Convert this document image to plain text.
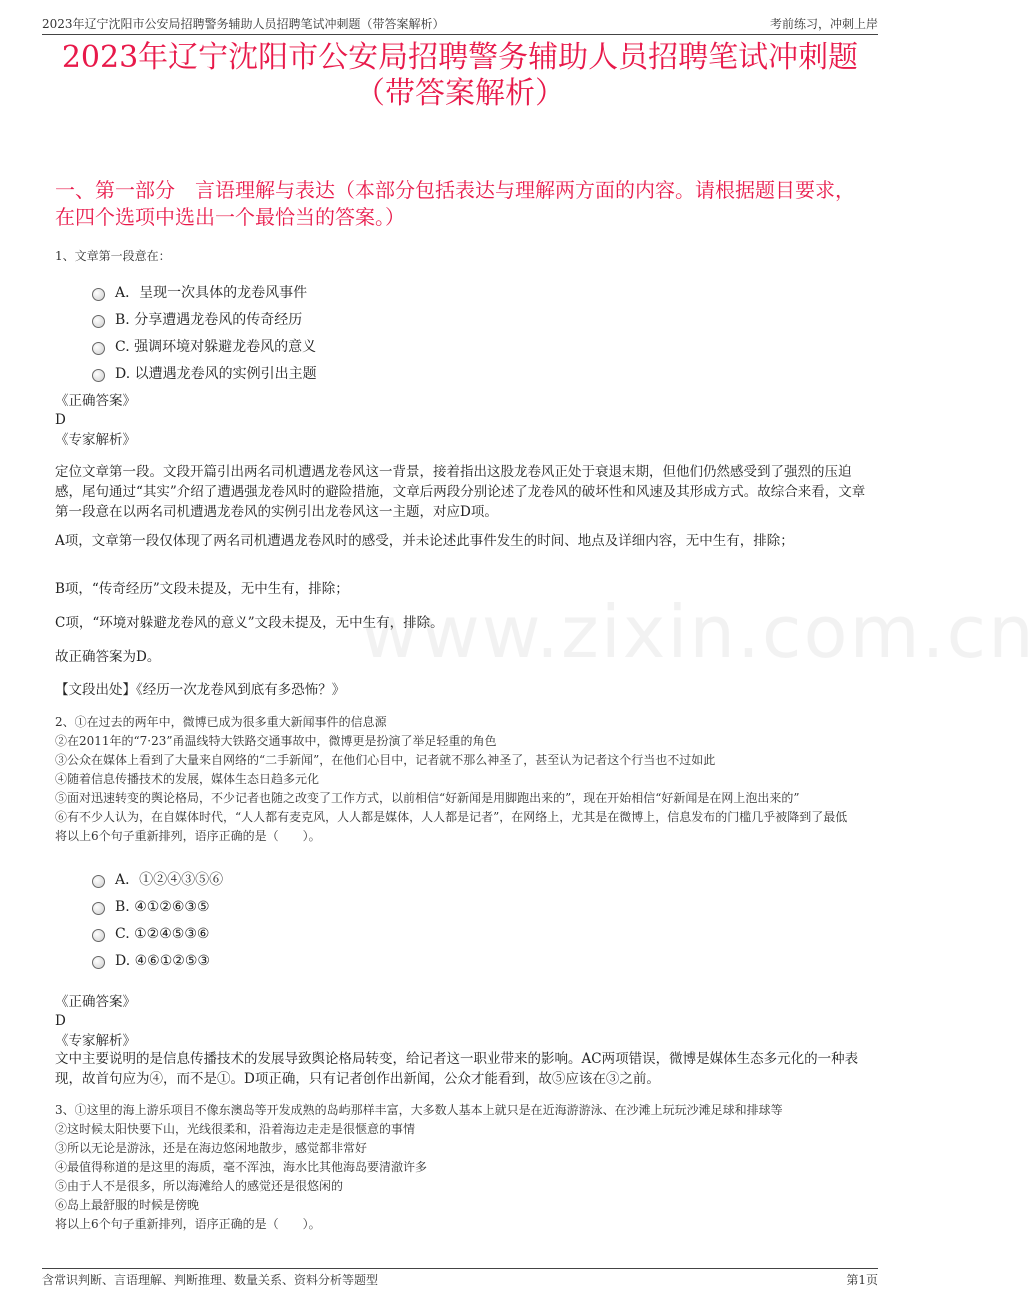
2023年辽宁沈阳市公安局招聘警务辅助人员招聘笔试冲刺题（带答案解析）	考前练习，冲刺上岸
2023年辽宁沈阳市公安局招聘警务辅助人员招聘笔试冲刺题
（带答案解析）
一、第一部分　言语理解与表达（本部分包括表达与理解两方面的内容。请根据题目要求，在四个选项中选出一个最恰当的答案。）
www.zixin.com.cn
1、文章第一段意在：
A．呈现一次具体的龙卷风事件
B. 分享遭遇龙卷风的传奇经历
C. 强调环境对躲避龙卷风的意义
D. 以遭遇龙卷风的实例引出主题
《正确答案》
D
《专家解析》

定位文章第一段。文段开篇引出两名司机遭遇龙卷风这一背景，接着指出这股龙卷风正处于衰退末期，但他们仍然感受到了强烈的压迫感，尾句通过“其实”介绍了遭遇强龙卷风时的避险措施，文章后两段分别论述了龙卷风的破坏性和风速及其形成方式。故综合来看，文章第一段意在以两名司机遭遇龙卷风的实例引出龙卷风这一主题，对应D项。

A项，文章第一段仅体现了两名司机遭遇龙卷风时的感受，并未论述此事件发生的时间、地点及详细内容，无中生有，排除；

B项，“传奇经历”文段未提及，无中生有，排除；

C项，“环境对躲避龙卷风的意义”文段未提及，无中生有，排除。

故正确答案为D。

【文段出处】《经历一次龙卷风到底有多恐怖？》

2、①在过去的两年中，微博已成为很多重大新闻事件的信息源
②在2011年的“7·23”甬温线特大铁路交通事故中，微博更是扮演了举足轻重的角色
③公众在媒体上看到了大量来自网络的“二手新闻”，在他们心目中，记者就不那么神圣了，甚至认为记者这个行当也不过如此
④随着信息传播技术的发展，媒体生态日趋多元化
⑤面对迅速转变的舆论格局，不少记者也随之改变了工作方式，以前相信“好新闻是用脚跑出来的”，现在开始相信“好新闻是在网上泡出来的”
⑥有不少人认为，在自媒体时代，“人人都有麦克风，人人都是媒体，人人都是记者”，在网络上，尤其是在微博上，信息发布的门槛几乎被降到了最低
将以上6个句子重新排列，语序正确的是（　　）。
A．①②④③⑤⑥
B. ④①②⑥③⑤
C. ①②④⑤③⑥
D. ④⑥①②⑤③
《正确答案》
D
《专家解析》

文中主要说明的是信息传播技术的发展导致舆论格局转变，给记者这一职业带来的影响。AC两项错误，微博是媒体生态多元化的一种表现，故首句应为④，而不是①。D项正确，只有记者创作出新闻，公众才能看到，故⑤应该在③之前。

3、①这里的海上游乐项目不像东澳岛等开发成熟的岛屿那样丰富，大多数人基本上就只是在近海游游泳、在沙滩上玩玩沙滩足球和排球等
②这时候太阳快要下山，光线很柔和，沿着海边走走是很惬意的事情
③所以无论是游泳，还是在海边悠闲地散步，感觉都非常好
④最值得称道的是这里的海质，毫不浑浊，海水比其他海岛要清澈许多
⑤由于人不是很多，所以海滩给人的感觉还是很悠闲的
⑥岛上最舒服的时候是傍晚
将以上6个句子重新排列，语序正确的是（　　）。
含常识判断、言语理解、判断推理、数量关系、资料分析等题型	第1页
